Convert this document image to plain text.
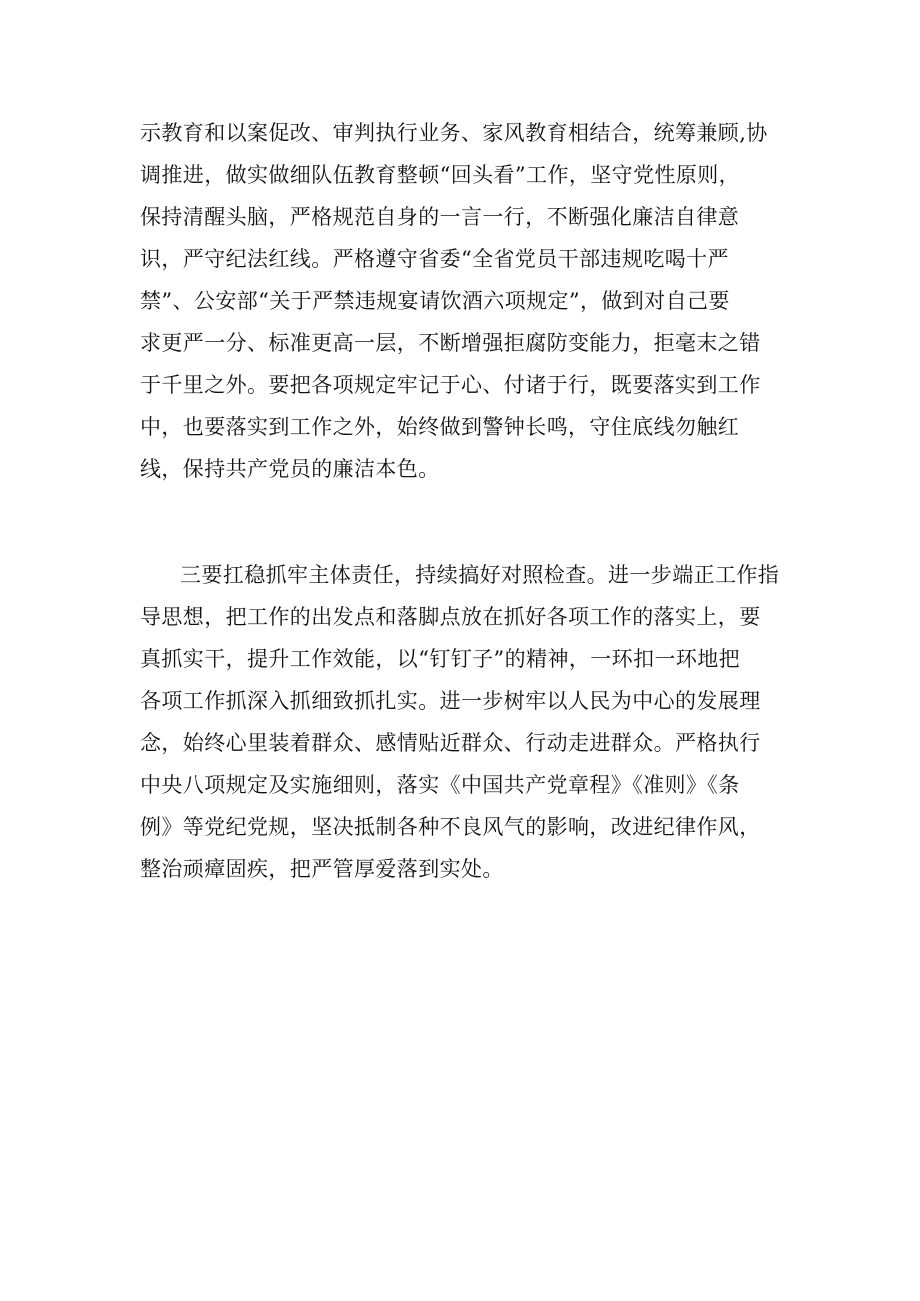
示教育和以案促改、审判执行业务、家风教育相结合，统筹兼顾,协
调推进，做实做细队伍教育整顿“回头看”工作，坚守党性原则，
保持清醒头脑，严格规范自身的一言一行，不断强化廉洁自律意
识，严守纪法红线。严格遵守省委“全省党员干部违规吃喝十严
禁”、公安部“关于严禁违规宴请饮酒六项规定”，做到对自己要
求更严一分、标准更高一层，不断增强拒腐防变能力，拒毫末之错
于千里之外。要把各项规定牢记于心、付诸于行，既要落实到工作
中，也要落实到工作之外，始终做到警钟长鸣，守住底线勿触红
线，保持共产党员的廉洁本色。
三要扛稳抓牢主体责任，持续搞好对照检查。进一步端正工作指
导思想，把工作的出发点和落脚点放在抓好各项工作的落实上，要
真抓实干，提升工作效能，以“钉钉子”的精神，一环扣一环地把
各项工作抓深入抓细致抓扎实。进一步树牢以人民为中心的发展理
念，始终心里装着群众、感情贴近群众、行动走进群众。严格执行
中央八项规定及实施细则，落实《中国共产党章程》《准则》《条
例》等党纪党规，坚决抵制各种不良风气的影响，改进纪律作风，
整治顽瘴固疾，把严管厚爱落到实处。
